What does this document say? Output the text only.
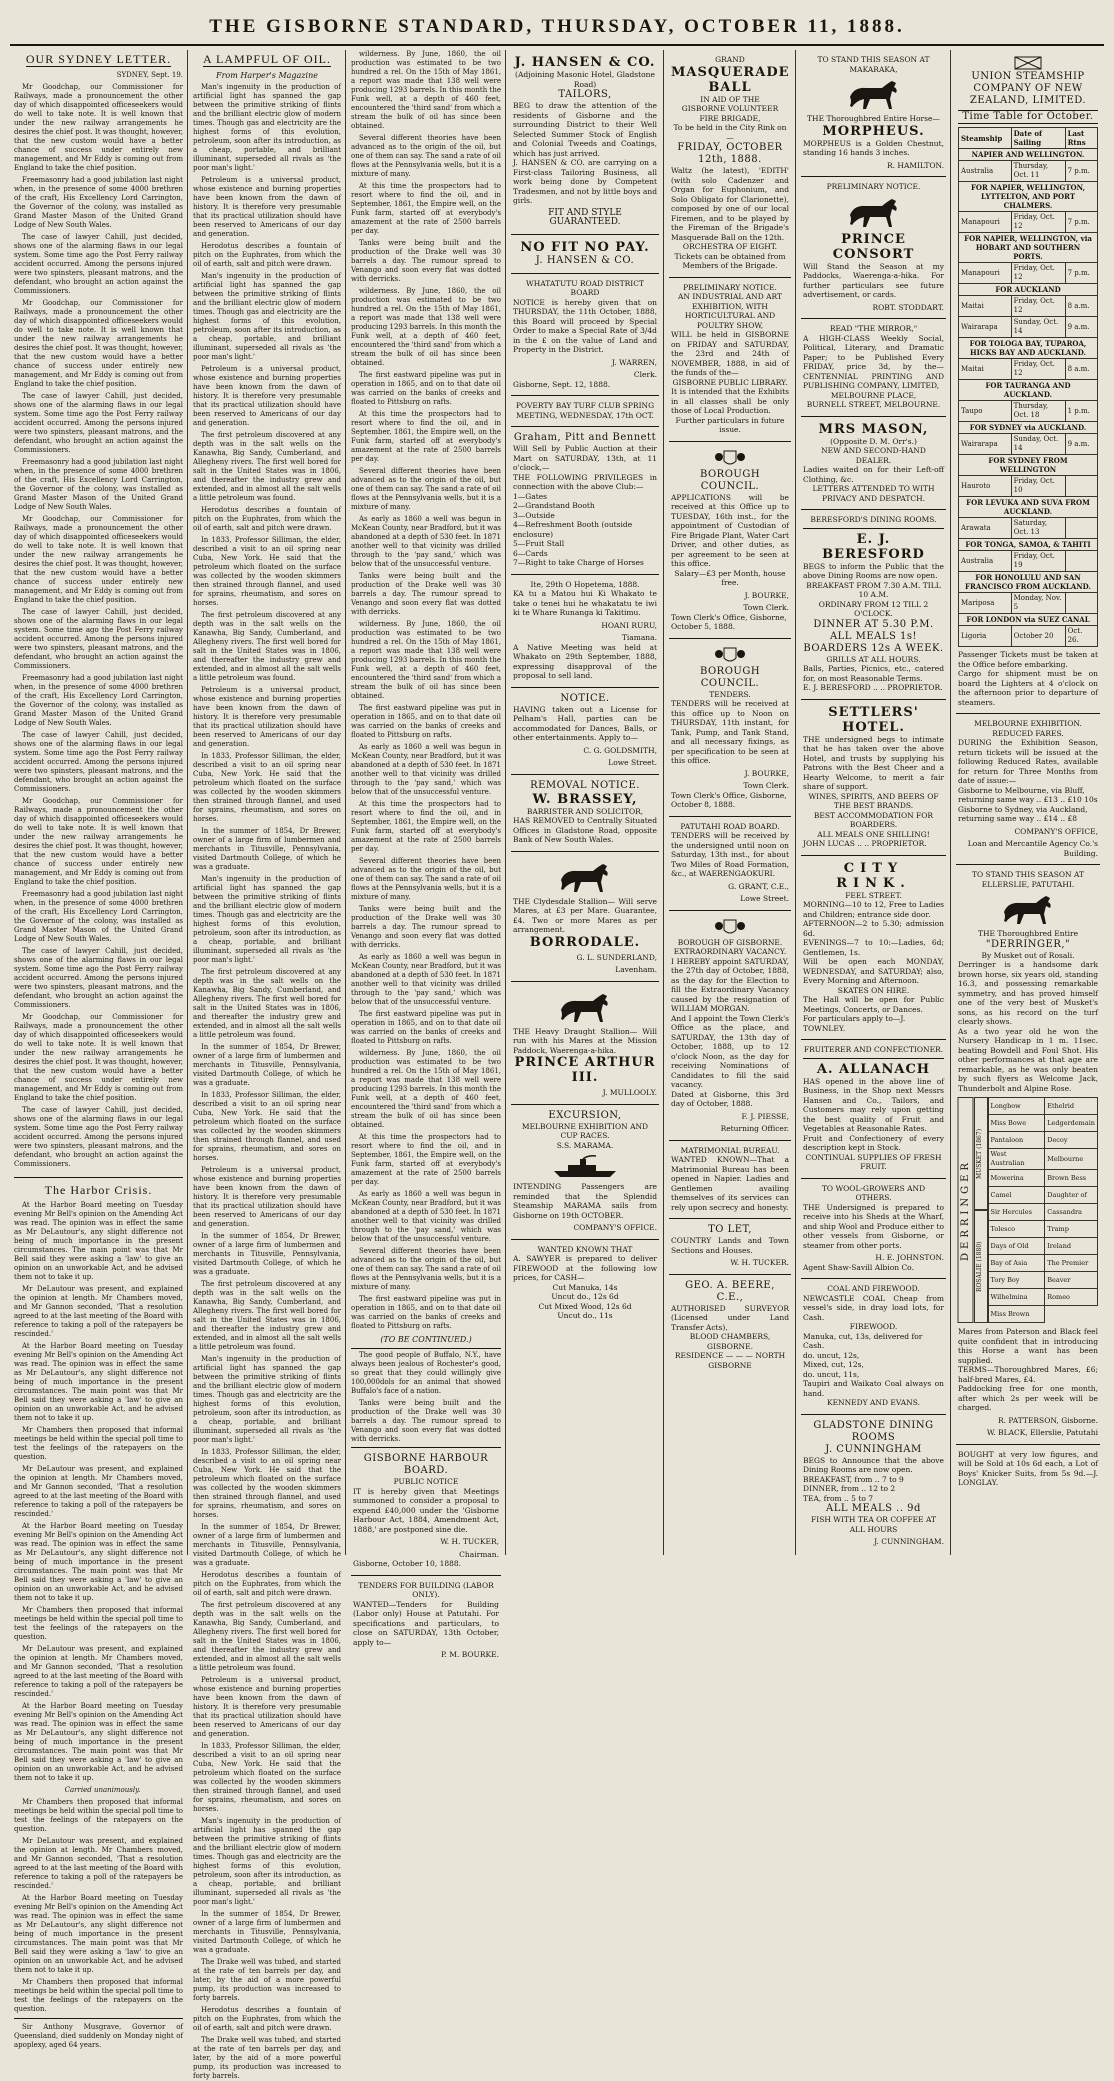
THE GISBORNE STANDARD, THURSDAY, OCTOBER 11, 1888.
OUR SYDNEY LETTER.
SYDNEY, Sept. 19.

Mr Goodchap, our Commissioner for Railways, made a pronouncement the other day of which disappointed officeseekers would do well to take note. It is well known that under the new railway arrangements he desires the chief post. It was thought, however, that the new custom would have a better chance of success under entirely new management, and Mr Eddy is coming out from England to take the chief position.

Freemasonry had a good jubilation last night when, in the presence of some 4000 brethren of the craft, His Excellency Lord Carrington, the Governor of the colony, was installed as Grand Master Mason of the United Grand Lodge of New South Wales.

The case of lawyer Cahill, just decided, shows one of the alarming flaws in our legal system. Some time ago the Post Ferry railway accident occurred. Among the persons injured were two spinsters, pleasant matrons, and the defendant, who brought an action against the Commissioners.

Mr Goodchap, our Commissioner for Railways, made a pronouncement the other day of which disappointed officeseekers would do well to take note. It is well known that under the new railway arrangements he desires the chief post. It was thought, however, that the new custom would have a better chance of success under entirely new management, and Mr Eddy is coming out from England to take the chief position.

The case of lawyer Cahill, just decided, shows one of the alarming flaws in our legal system. Some time ago the Post Ferry railway accident occurred. Among the persons injured were two spinsters, pleasant matrons, and the defendant, who brought an action against the Commissioners.

Freemasonry had a good jubilation last night when, in the presence of some 4000 brethren of the craft, His Excellency Lord Carrington, the Governor of the colony, was installed as Grand Master Mason of the United Grand Lodge of New South Wales.

Mr Goodchap, our Commissioner for Railways, made a pronouncement the other day of which disappointed officeseekers would do well to take note. It is well known that under the new railway arrangements he desires the chief post. It was thought, however, that the new custom would have a better chance of success under entirely new management, and Mr Eddy is coming out from England to take the chief position.

The case of lawyer Cahill, just decided, shows one of the alarming flaws in our legal system. Some time ago the Post Ferry railway accident occurred. Among the persons injured were two spinsters, pleasant matrons, and the defendant, who brought an action against the Commissioners.

Freemasonry had a good jubilation last night when, in the presence of some 4000 brethren of the craft, His Excellency Lord Carrington, the Governor of the colony, was installed as Grand Master Mason of the United Grand Lodge of New South Wales.

The case of lawyer Cahill, just decided, shows one of the alarming flaws in our legal system. Some time ago the Post Ferry railway accident occurred. Among the persons injured were two spinsters, pleasant matrons, and the defendant, who brought an action against the Commissioners.

Mr Goodchap, our Commissioner for Railways, made a pronouncement the other day of which disappointed officeseekers would do well to take note. It is well known that under the new railway arrangements he desires the chief post. It was thought, however, that the new custom would have a better chance of success under entirely new management, and Mr Eddy is coming out from England to take the chief position.

Freemasonry had a good jubilation last night when, in the presence of some 4000 brethren of the craft, His Excellency Lord Carrington, the Governor of the colony, was installed as Grand Master Mason of the United Grand Lodge of New South Wales.

The case of lawyer Cahill, just decided, shows one of the alarming flaws in our legal system. Some time ago the Post Ferry railway accident occurred. Among the persons injured were two spinsters, pleasant matrons, and the defendant, who brought an action against the Commissioners.

Mr Goodchap, our Commissioner for Railways, made a pronouncement the other day of which disappointed officeseekers would do well to take note. It is well known that under the new railway arrangements he desires the chief post. It was thought, however, that the new custom would have a better chance of success under entirely new management, and Mr Eddy is coming out from England to take the chief position.

The case of lawyer Cahill, just decided, shows one of the alarming flaws in our legal system. Some time ago the Post Ferry railway accident occurred. Among the persons injured were two spinsters, pleasant matrons, and the defendant, who brought an action against the Commissioners.

The Harbor Crisis.

At the Harbor Board meeting on Tuesday evening Mr Bell's opinion on the Amending Act was read. The opinion was in effect the same as Mr DeLautour's, any slight difference not being of much importance in the present circumstances. The main point was that Mr Bell said they were asking a 'law' to give an opinion on an unworkable Act, and he advised them not to take it up.

Mr DeLautour was present, and explained the opinion at length. Mr Chambers moved, and Mr Gannon seconded, 'That a resolution agreed to at the last meeting of the Board with reference to taking a poll of the ratepayers be rescinded.'

At the Harbor Board meeting on Tuesday evening Mr Bell's opinion on the Amending Act was read. The opinion was in effect the same as Mr DeLautour's, any slight difference not being of much importance in the present circumstances. The main point was that Mr Bell said they were asking a 'law' to give an opinion on an unworkable Act, and he advised them not to take it up.

Mr Chambers then proposed that informal meetings be held within the special poll time to test the feelings of the ratepayers on the question.

Mr DeLautour was present, and explained the opinion at length. Mr Chambers moved, and Mr Gannon seconded, 'That a resolution agreed to at the last meeting of the Board with reference to taking a poll of the ratepayers be rescinded.'

At the Harbor Board meeting on Tuesday evening Mr Bell's opinion on the Amending Act was read. The opinion was in effect the same as Mr DeLautour's, any slight difference not being of much importance in the present circumstances. The main point was that Mr Bell said they were asking a 'law' to give an opinion on an unworkable Act, and he advised them not to take it up.

Mr Chambers then proposed that informal meetings be held within the special poll time to test the feelings of the ratepayers on the question.

Mr DeLautour was present, and explained the opinion at length. Mr Chambers moved, and Mr Gannon seconded, 'That a resolution agreed to at the last meeting of the Board with reference to taking a poll of the ratepayers be rescinded.'

At the Harbor Board meeting on Tuesday evening Mr Bell's opinion on the Amending Act was read. The opinion was in effect the same as Mr DeLautour's, any slight difference not being of much importance in the present circumstances. The main point was that Mr Bell said they were asking a 'law' to give an opinion on an unworkable Act, and he advised them not to take it up.

Carried unanimously.

Mr Chambers then proposed that informal meetings be held within the special poll time to test the feelings of the ratepayers on the question.

Mr DeLautour was present, and explained the opinion at length. Mr Chambers moved, and Mr Gannon seconded, 'That a resolution agreed to at the last meeting of the Board with reference to taking a poll of the ratepayers be rescinded.'

At the Harbor Board meeting on Tuesday evening Mr Bell's opinion on the Amending Act was read. The opinion was in effect the same as Mr DeLautour's, any slight difference not being of much importance in the present circumstances. The main point was that Mr Bell said they were asking a 'law' to give an opinion on an unworkable Act, and he advised them not to take it up.

Mr Chambers then proposed that informal meetings be held within the special poll time to test the feelings of the ratepayers on the question.

Sir Anthony Musgrave, Governor of Queensland, died suddenly on Monday night of apoplexy, aged 64 years.

A LAMPFUL OF OIL.
From Harper's Magazine

Man's ingenuity in the production of artificial light has spanned the gap between the primitive striking of flints and the brilliant electric glow of modern times. Though gas and electricity are the highest forms of this evolution, petroleum, soon after its introduction, as a cheap, portable, and brilliant illuminant, superseded all rivals as 'the poor man's light.'

Petroleum is a universal product, whose existence and burning properties have been known from the dawn of history. It is therefore very presumable that its practical utilization should have been reserved to Americans of our day and generation.

Herodotus describes a fountain of pitch on the Euphrates, from which the oil of earth, salt and pitch were drawn.

Man's ingenuity in the production of artificial light has spanned the gap between the primitive striking of flints and the brilliant electric glow of modern times. Though gas and electricity are the highest forms of this evolution, petroleum, soon after its introduction, as a cheap, portable, and brilliant illuminant, superseded all rivals as 'the poor man's light.'

Petroleum is a universal product, whose existence and burning properties have been known from the dawn of history. It is therefore very presumable that its practical utilization should have been reserved to Americans of our day and generation.

The first petroleum discovered at any depth was in the salt wells on the Kanawha, Big Sandy, Cumberland, and Allegheny rivers. The first well bored for salt in the United States was in 1806, and thereafter the industry grew and extended, and in almost all the salt wells a little petroleum was found.

Herodotus describes a fountain of pitch on the Euphrates, from which the oil of earth, salt and pitch were drawn.

In 1833, Professor Silliman, the elder, described a visit to an oil spring near Cuba, New York. He said that the petroleum which floated on the surface was collected by the wooden skimmers then strained through flannel, and used for sprains, rheumatism, and sores on horses.

The first petroleum discovered at any depth was in the salt wells on the Kanawha, Big Sandy, Cumberland, and Allegheny rivers. The first well bored for salt in the United States was in 1806, and thereafter the industry grew and extended, and in almost all the salt wells a little petroleum was found.

Petroleum is a universal product, whose existence and burning properties have been known from the dawn of history. It is therefore very presumable that its practical utilization should have been reserved to Americans of our day and generation.

In 1833, Professor Silliman, the elder, described a visit to an oil spring near Cuba, New York. He said that the petroleum which floated on the surface was collected by the wooden skimmers then strained through flannel, and used for sprains, rheumatism, and sores on horses.

In the summer of 1854, Dr Brewer, owner of a large firm of lumbermen and merchants in Titusville, Pennsylvania, visited Dartmouth College, of which he was a graduate.

Man's ingenuity in the production of artificial light has spanned the gap between the primitive striking of flints and the brilliant electric glow of modern times. Though gas and electricity are the highest forms of this evolution, petroleum, soon after its introduction, as a cheap, portable, and brilliant illuminant, superseded all rivals as 'the poor man's light.'

The first petroleum discovered at any depth was in the salt wells on the Kanawha, Big Sandy, Cumberland, and Allegheny rivers. The first well bored for salt in the United States was in 1806, and thereafter the industry grew and extended, and in almost all the salt wells a little petroleum was found.

In the summer of 1854, Dr Brewer, owner of a large firm of lumbermen and merchants in Titusville, Pennsylvania, visited Dartmouth College, of which he was a graduate.

In 1833, Professor Silliman, the elder, described a visit to an oil spring near Cuba, New York. He said that the petroleum which floated on the surface was collected by the wooden skimmers then strained through flannel, and used for sprains, rheumatism, and sores on horses.

Petroleum is a universal product, whose existence and burning properties have been known from the dawn of history. It is therefore very presumable that its practical utilization should have been reserved to Americans of our day and generation.

In the summer of 1854, Dr Brewer, owner of a large firm of lumbermen and merchants in Titusville, Pennsylvania, visited Dartmouth College, of which he was a graduate.

The first petroleum discovered at any depth was in the salt wells on the Kanawha, Big Sandy, Cumberland, and Allegheny rivers. The first well bored for salt in the United States was in 1806, and thereafter the industry grew and extended, and in almost all the salt wells a little petroleum was found.

Man's ingenuity in the production of artificial light has spanned the gap between the primitive striking of flints and the brilliant electric glow of modern times. Though gas and electricity are the highest forms of this evolution, petroleum, soon after its introduction, as a cheap, portable, and brilliant illuminant, superseded all rivals as 'the poor man's light.'

In 1833, Professor Silliman, the elder, described a visit to an oil spring near Cuba, New York. He said that the petroleum which floated on the surface was collected by the wooden skimmers then strained through flannel, and used for sprains, rheumatism, and sores on horses.

In the summer of 1854, Dr Brewer, owner of a large firm of lumbermen and merchants in Titusville, Pennsylvania, visited Dartmouth College, of which he was a graduate.

Herodotus describes a fountain of pitch on the Euphrates, from which the oil of earth, salt and pitch were drawn.

The first petroleum discovered at any depth was in the salt wells on the Kanawha, Big Sandy, Cumberland, and Allegheny rivers. The first well bored for salt in the United States was in 1806, and thereafter the industry grew and extended, and in almost all the salt wells a little petroleum was found.

Petroleum is a universal product, whose existence and burning properties have been known from the dawn of history. It is therefore very presumable that its practical utilization should have been reserved to Americans of our day and generation.

In 1833, Professor Silliman, the elder, described a visit to an oil spring near Cuba, New York. He said that the petroleum which floated on the surface was collected by the wooden skimmers then strained through flannel, and used for sprains, rheumatism, and sores on horses.

Man's ingenuity in the production of artificial light has spanned the gap between the primitive striking of flints and the brilliant electric glow of modern times. Though gas and electricity are the highest forms of this evolution, petroleum, soon after its introduction, as a cheap, portable, and brilliant illuminant, superseded all rivals as 'the poor man's light.'

In the summer of 1854, Dr Brewer, owner of a large firm of lumbermen and merchants in Titusville, Pennsylvania, visited Dartmouth College, of which he was a graduate.

The Drake well was tubed, and started at the rate of ten barrels per day, and later, by the aid of a more powerful pump, its production was increased to forty barrels.

Herodotus describes a fountain of pitch on the Euphrates, from which the oil of earth, salt and pitch were drawn.

The Drake well was tubed, and started at the rate of ten barrels per day, and later, by the aid of a more powerful pump, its production was increased to forty barrels.

wilderness. By June, 1860, the oil production was estimated to be two hundred a rel. On the 15th of May 1861, a report was made that 138 well were producing 1293 barrels. In this month the Funk well, at a depth of 460 feet, encountered the 'third sand' from which a stream the bulk of oil has since been obtained.

Several different theories have been advanced as to the origin of the oil, but one of them can say. The sand a rate of oil flows at the Pennsylvania wells, but it is a mixture of many.

At this time the prospectors had to resort where to find the oil, and in September, 1861, the Empire well, on the Funk farm, started off at everybody's amazement at the rate of 2500 barrels per day.

Tanks were being built and the production of the Drake well was 30 barrels a day. The rumour spread to Venango and soon every flat was dotted with derricks.

wilderness. By June, 1860, the oil production was estimated to be two hundred a rel. On the 15th of May 1861, a report was made that 138 well were producing 1293 barrels. In this month the Funk well, at a depth of 460 feet, encountered the 'third sand' from which a stream the bulk of oil has since been obtained.

The first eastward pipeline was put in operation in 1865, and on to that date oil was carried on the banks of creeks and floated to Pittsburg on rafts.

At this time the prospectors had to resort where to find the oil, and in September, 1861, the Empire well, on the Funk farm, started off at everybody's amazement at the rate of 2500 barrels per day.

Several different theories have been advanced as to the origin of the oil, but one of them can say. The sand a rate of oil flows at the Pennsylvania wells, but it is a mixture of many.

As early as 1860 a well was begun in McKean County, near Bradford, but it was abandoned at a depth of 530 feet. In 1871 another well to that vicinity was drilled through to the 'pay sand,' which was below that of the unsuccessful venture.

Tanks were being built and the production of the Drake well was 30 barrels a day. The rumour spread to Venango and soon every flat was dotted with derricks.

wilderness. By June, 1860, the oil production was estimated to be two hundred a rel. On the 15th of May 1861, a report was made that 138 well were producing 1293 barrels. In this month the Funk well, at a depth of 460 feet, encountered the 'third sand' from which a stream the bulk of oil has since been obtained.

The first eastward pipeline was put in operation in 1865, and on to that date oil was carried on the banks of creeks and floated to Pittsburg on rafts.

As early as 1860 a well was begun in McKean County, near Bradford, but it was abandoned at a depth of 530 feet. In 1871 another well to that vicinity was drilled through to the 'pay sand,' which was below that of the unsuccessful venture.

At this time the prospectors had to resort where to find the oil, and in September, 1861, the Empire well, on the Funk farm, started off at everybody's amazement at the rate of 2500 barrels per day.

Several different theories have been advanced as to the origin of the oil, but one of them can say. The sand a rate of oil flows at the Pennsylvania wells, but it is a mixture of many.

Tanks were being built and the production of the Drake well was 30 barrels a day. The rumour spread to Venango and soon every flat was dotted with derricks.

As early as 1860 a well was begun in McKean County, near Bradford, but it was abandoned at a depth of 530 feet. In 1871 another well to that vicinity was drilled through to the 'pay sand,' which was below that of the unsuccessful venture.

The first eastward pipeline was put in operation in 1865, and on to that date oil was carried on the banks of creeks and floated to Pittsburg on rafts.

wilderness. By June, 1860, the oil production was estimated to be two hundred a rel. On the 15th of May 1861, a report was made that 138 well were producing 1293 barrels. In this month the Funk well, at a depth of 460 feet, encountered the 'third sand' from which a stream the bulk of oil has since been obtained.

At this time the prospectors had to resort where to find the oil, and in September, 1861, the Empire well, on the Funk farm, started off at everybody's amazement at the rate of 2500 barrels per day.

As early as 1860 a well was begun in McKean County, near Bradford, but it was abandoned at a depth of 530 feet. In 1871 another well to that vicinity was drilled through to the 'pay sand,' which was below that of the unsuccessful venture.

Several different theories have been advanced as to the origin of the oil, but one of them can say. The sand a rate of oil flows at the Pennsylvania wells, but it is a mixture of many.

The first eastward pipeline was put in operation in 1865, and on to that date oil was carried on the banks of creeks and floated to Pittsburg on rafts.

(TO BE CONTINUED.)

The good people of Buffalo, N.Y., have always been jealous of Rochester's good, so great that they could willingly give 100,000dols for an animal that showed Buffalo's face of a nation.

Tanks were being built and the production of the Drake well was 30 barrels a day. The rumour spread to Venango and soon every flat was dotted with derricks.

GISBORNE HARBOUR BOARD.
PUBLIC NOTICE
IT is hereby given that Meetings summoned to consider a proposal to expend £40,000 under the 'Gisborne Harbour Act, 1884, Amendment Act, 1888,' are postponed sine die.
W. H. TUCKER,
Chairman.
Gisborne, October 10, 1888.
TENDERS FOR BUILDING (LABOR ONLY).
WANTED—Tenders for Building (Labor only) House at Patutahi. For specifications and particulars, to close on SATURDAY, 13th October, apply to—
P. M. BOURKE.
J. HANSEN & CO.
(Adjoining Masonic Hotel, Gladstone Road)
TAILORS,
BEG to draw the attention of the residents of Gisborne and the surrounding District to their Well Selected Summer Stock of English and Colonial Tweeds and Coatings, which has just arrived.
J. HANSEN & CO. are carrying on a First-class Tailoring Business, all work being done by Competent Tradesmen, and not by little boys and girls.
FIT AND STYLE GUARANTEED.
NO FIT NO PAY.
J. HANSEN & CO.
WHATATUTU ROAD DISTRICT BOARD
NOTICE is hereby given that on THURSDAY, the 11th October, 1888, this Board will proceed by Special Order to make a Special Rate of 3/4d in the £ on the value of Land and Property in the District.
J. WARREN,
Clerk.
Gisborne, Sept. 12, 1888.
POVERTY BAY TURF CLUB SPRING MEETING, WEDNESDAY, 17th OCT.
Graham, Pitt and Bennett
Will Sell by Public Auction at their Mart on SATURDAY, 13th, at 11 o'clock,—
THE FOLLOWING PRIVILEGES in connection with the above Club:—
1—Gates
2—Grandstand Booth
3—Outside
4—Refreshment Booth (outside enclosure)
5—Fruit Stall
6—Cards
7—Right to take Charge of Horses
Ite, 29th O Hopetema, 1888.
KA tu a Matou hui Ki Whakato te take o tenei hui he whakatatu te iwi ki te Whare Runanga ki Takitimu.
HOANI RURU,
Tiamana.
A Native Meeting was held at Whakato on 29th September, 1888, expressing disapproval of the proposal to sell land.
NOTICE.
HAVING taken out a License for Pelham's Hall, parties can be accommodated for Dances, Balls, or other entertainments. Apply to—
C. G. GOLDSMITH,
Lowe Street.
REMOVAL NOTICE.
W. BRASSEY,
BARRISTER AND SOLICITOR,
HAS REMOVED to Centrally Situated Offices in Gladstone Road, opposite Bank of New South Wales.
THE Clydesdale Stallion— Will serve Mares, at £3 per Mare. Guarantee, £4. Two or more Mares as per arrangement.
BORRODALE.
G. L. SUNDERLAND,
Lavenham.
THE Heavy Draught Stallion— Will run with his Mares at the Mission Paddock, Waerenga-a-hika.
PRINCE ARTHUR III.
J. MULLOOLY.
EXCURSION,
MELBOURNE EXHIBITION AND CUP RACES.
S.S. MARAMA.
INTENDING Passengers are reminded that the Splendid Steamship MARAMA sails from Gisborne on 19th OCTOBER.
COMPANY'S OFFICE.
WANTED KNOWN THAT
A. SAWYER is prepared to deliver FIREWOOD at the following low prices, for CASH—
Cut Manuka, 14s
Uncut do., 12s 6d
Cut Mixed Wood, 12s 6d
Uncut do., 11s
GRAND
MASQUERADE BALL
IN AID OF THE
GISBORNE VOLUNTEER FIRE BRIGADE,
To be held in the City Rink on—
FRIDAY, OCTOBER 12th, 1888.
Waltz (he latest), 'EDITH' (with solo Cadenzer and Organ for Euphonium, and Solo Obligato for Clarionette), composed by one of our local Firemen, and to be played by the Fireman of the Brigade's Masquerade Ball on the 12th.
ORCHESTRA OF EIGHT.
Tickets can be obtained from Members of the Brigade.
PRELIMINARY NOTICE.
AN INDUSTRIAL AND ART EXHIBITION, WITH HORTICULTURAL AND POULTRY SHOW,
WILL be held in GISBORNE on FRIDAY and SATURDAY, the 23rd and 24th of NOVEMBER, 1888, in aid of the funds of the—
GISBORNE PUBLIC LIBRARY.
It is intended that the Exhibits in all classes shall be only those of Local Production.
Further particulars in future issue.
BOROUGH COUNCIL.
APPLICATIONS will be received at this Office up to TUESDAY, 16th inst., for the appointment of Custodian of Fire Brigade Plant, Water Cart Driver, and other duties, as per agreement to be seen at this office.
Salary—£3 per Month, house free.
J. BOURKE,
Town Clerk.
Town Clerk's Office, Gisborne, October 5, 1888.
BOROUGH COUNCIL.
TENDERS.
TENDERS will be received at this office up to Noon on THURSDAY, 11th instant, for Tank, Pump, and Tank Stand, and all necessary fixings, as per specification to be seen at this office.
J. BOURKE,
Town Clerk.
Town Clerk's Office, Gisborne, October 8, 1888.
PATUTAHI ROAD BOARD.
TENDERS will be received by the undersigned until noon on Saturday, 13th inst., for about Two Miles of Road Formation, &c., at WAERENGAOKURI.
G. GRANT, C.E.,
Lowe Street.
BOROUGH OF GISBORNE.
EXTRAORDINARY VACANCY.
I HEREBY appoint SATURDAY, the 27th day of October, 1888, as the day for the Election to fill the Extraordinary Vacancy caused by the resignation of WILLIAM MORGAN.
And I appoint the Town Clerk's Office as the place, and SATURDAY, the 13th day of October, 1888, up to 12 o'clock Noon, as the day for receiving Nominations of Candidates to fill the said vacancy.
Dated at Gisborne, this 3rd day of October, 1888.
F. J. PIESSE,
Returning Officer.
MATRIMONIAL BUREAU.
WANTED KNOWN—That a Matrimonial Bureau has been opened in Napier. Ladies and Gentlemen availing themselves of its services can rely upon secrecy and honesty.
TO LET,
COUNTRY Lands and Town Sections and Houses.
W. H. TUCKER.
GEO. A. BEERE, C.E.,
AUTHORISED SURVEYOR (Licensed under Land Transfer Acts),
BLOOD CHAMBERS, GISBORNE.
RESIDENCE — — — NORTH GISBORNE
TO STAND THIS SEASON AT MAKARAKA,
THE Thoroughbred Entire Horse—
MORPHEUS.
MORPHEUS is a Golden Chestnut, standing 16 hands 3 inches.
R. HAMILTON.
PRELIMINARY NOTICE.
PRINCE CONSORT
Will Stand the Season at my Paddocks, Waerenga-a-hika. For further particulars see future advertisement, or cards.
ROBT. STODDART.
READ "THE MIRROR,"
A HIGH-CLASS Weekly Social, Political, Literary, and Dramatic Paper; to be Published Every FRIDAY, price 3d, by the— CENTENNIAL PRINTING AND PUBLISHING COMPANY, LIMITED,
MELBOURNE PLACE,
BURNELL STREET, MELBOURNE.
MRS MASON,
(Opposite D. M. Orr's.)
NEW AND SECOND-HAND DEALER.
Ladies waited on for their Left-off Clothing, &c.
LETTERS ATTENDED TO WITH PRIVACY AND DESPATCH.
BERESFORD'S DINING ROOMS.
E. J. BERESFORD
BEGS to inform the Public that the above Dining Rooms are now open.
BREAKFAST FROM 7.30 A.M. TILL 10 A.M.
ORDINARY FROM 12 TILL 2 O'CLOCK.
DINNER AT 5.30 P.M.
ALL MEALS 1s!
BOARDERS 12s A WEEK.
GRILLS AT ALL HOURS.
Balls, Parties, Picnics, etc., catered for, on most Reasonable Terms.
E. J. BERESFORD .. .. PROPRIETOR.
SETTLERS' HOTEL.
THE undersigned begs to intimate that he has taken over the above Hotel, and trusts by supplying his Patrons with the Best Cheer and a Hearty Welcome, to merit a fair share of support.
WINES, SPIRITS, AND BEERS OF THE BEST BRANDS.
BEST ACCOMMODATION FOR BOARDERS.
ALL MEALS ONE SHILLING!
JOHN LUCAS .. .. PROPRIETOR.
CITY RINK.
FEEL STREET.
MORNING—10 to 12, Free to Ladies and Children; entrance side door.
AFTERNOON—2 to 5.30; admission 6d.
EVENINGS—7 to 10:—Ladies, 6d; Gentlemen, 1s.
Will be open each MONDAY, WEDNESDAY, and SATURDAY; also, Every Morning and Afternoon.
SKATES ON HIRE.
The Hall will be open for Public Meetings, Concerts, or Dances.
For particulars apply to—J. TOWNLEY.
FRUITERER AND CONFECTIONER.
A. ALLANACH
HAS opened in the above line of Business, in the Shop next Messrs Hansen and Co., Tailors, and Customers may rely upon getting the best quality of Fruit and Vegetables at Reasonable Rates.
Fruit and Confectionery of every description kept in Stock.
CONTINUAL SUPPLIES OF FRESH FRUIT.
TO WOOL-GROWERS AND OTHERS.
THE Undersigned is prepared to receive into his Sheds at the Wharf, and ship Wool and Produce either to other vessels from Gisborne, or steamer from other ports.
H. E. JOHNSTON.
Agent Shaw-Savill Albion Co.
COAL AND FIREWOOD.
NEWCASTLE COAL Cheap from vessel's side, in dray load lots, for Cash.
FIREWOOD.
Manuka, cut, 13s, delivered for Cash.
do. uncut, 12s,
Mixed, cut, 12s,
do. uncut, 11s,
Taupiri and Waikato Coal always on hand.
KENNEDY AND EVANS.
GLADSTONE DINING ROOMS
J. CUNNINGHAM
BEGS to Announce that the above Dining Rooms are now open.
BREAKFAST, from .. 7 to 9
DINNER, from .. 12 to 2
TEA, from .. 5 to 7
ALL MEALS .. 9d
FISH WITH TEA OR COFFEE AT ALL HOURS
J. CUNNINGHAM.
UNION STEAMSHIP COMPANY OF NEW ZEALAND, LIMITED.
Time Table for October.
Steamship	Date of Sailing	Last Rtns
NAPIER AND WELLINGTON.		
Australia	Thursday, Oct. 11	7 p.m.
FOR NAPIER, WELLINGTON, LYTTELTON, AND PORT CHALMERS.		
Manapouri	Friday, Oct. 12	7 p.m.
FOR NAPIER, WELLINGTON, via HOBART AND SOUTHERN PORTS.		
Manapouri	Friday, Oct. 12	7 p.m.
FOR AUCKLAND		
Maitai	Friday, Oct. 12	8 a.m.
Wairarapa	Sunday, Oct. 14	9 a.m.
FOR TOLOGA BAY, TUPAROA, HICKS BAY AND AUCKLAND.		
Maitai	Friday, Oct. 12	8 a.m.
FOR TAURANGA AND AUCKLAND.		
Taupo	Thursday, Oct. 18	1 p.m.
FOR SYDNEY via AUCKLAND.		
Wairarapa	Sunday, Oct. 14	9 a.m.
FOR SYDNEY FROM WELLINGTON		
Hauroto	Friday, Oct. 10	
FOR LEVUKA AND SUVA FROM AUCKLAND.		
Arawata	Saturday, Oct. 13	
FOR TONGA, SAMOA, & TAHITI		
Australia	Friday, Oct. 19	
FOR HONOLULU AND SAN FRANCISCO FROM AUCKLAND.		
Mariposa	Monday, Nov. 5	
FOR LONDON via SUEZ CANAL		
Ligoria	October 20	Oct. 26.
Passenger Tickets must be taken at the Office before embarking.
Cargo for shipment must be on board the Lighters at 4 o'clock on the afternoon prior to departure of steamers.
MELBOURNE EXHIBITION.
REDUCED FARES.
DURING the Exhibition Season, return tickets will be issued at the following Reduced Rates, available for return for Three Months from date of issue:—
Gisborne to Melbourne, via Bluff, returning same way .. £13 .. £10 10s
Gisborne to Sydney, via Auckland, returning same way .. £14 .. £8
COMPANY'S OFFICE,
Loan and Mercantile Agency Co.'s Building.
TO STAND THIS SEASON AT ELLERSLIE, PATUTAHI.
THE Thoroughbred Entire
"DERRINGER,"
By Musket out of Rosali.
Derringer is a handsome dark brown horse, six years old, standing 16.3, and possessing remarkable symmetry, and has proved himself one of the very best of Musket's sons, as his record on the turf clearly shows.
As a two year old he won the Nursery Handicap in 1 m. 11sec. beating Bowdell and Foul Shot. His other performances at that age are remarkable, as he was only beaten by such flyers as Welcome Jack, Thunderbolt and Alpine Rose.
DERRINGER
MUSKET (1867)
ROSALIE (1880)
Longbow	Ethelrid
Miss Bowe	Ledgerdemain
Pantaloon	Decoy
West Australian	Melbourne
Mowerina	Brown Bess
Camel	Daughter of
Sir Hercules	Cassandra
Tolesco	Tramp
Days of Old	Ireland
Bay of Asia	The Premier
Tory Boy	Beaver
Wilhelmina	Romeo
Miss Brown	
Mares from Paterson and Black feel quite confident that in introducing this Horse a want has been supplied.
TERMS—Thoroughbred Mares, £6; half-bred Mares, £4.
Paddocking free for one month, after which 2s per week will be charged.
R. PATTERSON, Gisborne.
W. BLACK, Ellerslie, Patutahi
BOUGHT at very low figures, and will be Sold at 10s 6d each, a Lot of Boys' Knicker Suits, from 5s 9d.—J. LONGLAY.
